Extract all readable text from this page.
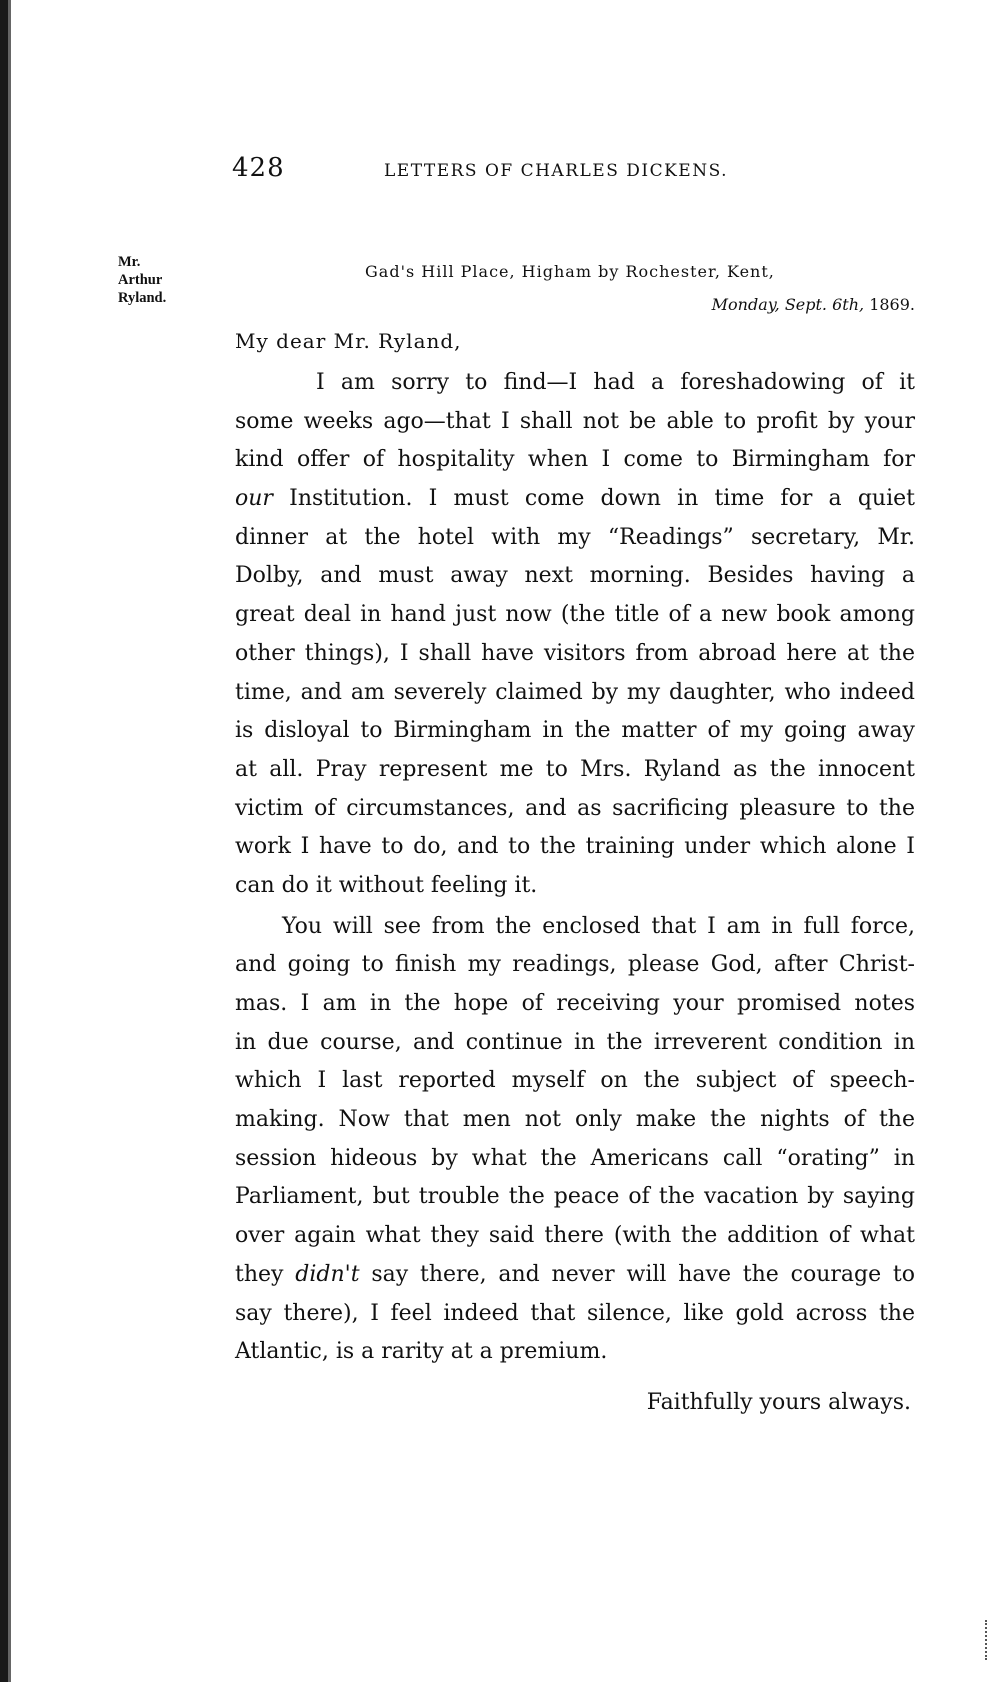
428	LETTERS OF CHARLES DICKENS.
Mr.
Arthur
Ryland.
Gad's Hill Place, Higham by Rochester, Kent,
Monday, Sept. 6th, 1869.
My dear Mr. Ryland,
I am sorry to find—I had a foreshadowing of it
some weeks ago—that I shall not be able to profit by your
kind offer of hospitality when I come to Birmingham for
our Institution. I must come down in time for a quiet
dinner at the hotel with my “Readings” secretary, Mr.
Dolby, and must away next morning. Besides having a
great deal in hand just now (the title of a new book among
other things), I shall have visitors from abroad here at the
time, and am severely claimed by my daughter, who indeed
is disloyal to Birmingham in the matter of my going away
at all. Pray represent me to Mrs. Ryland as the innocent
victim of circumstances, and as sacrificing pleasure to the
work I have to do, and to the training under which alone I
can do it without feeling it.
You will see from the enclosed that I am in full force,
and going to finish my readings, please God, after Christ-
mas. I am in the hope of receiving your promised notes
in due course, and continue in the irreverent condition in
which I last reported myself on the subject of speech-
making. Now that men not only make the nights of the
session hideous by what the Americans call “orating” in
Parliament, but trouble the peace of the vacation by saying
over again what they said there (with the addition of what
they didn't say there, and never will have the courage to
say there), I feel indeed that silence, like gold across the
Atlantic, is a rarity at a premium.
Faithfully yours always.
